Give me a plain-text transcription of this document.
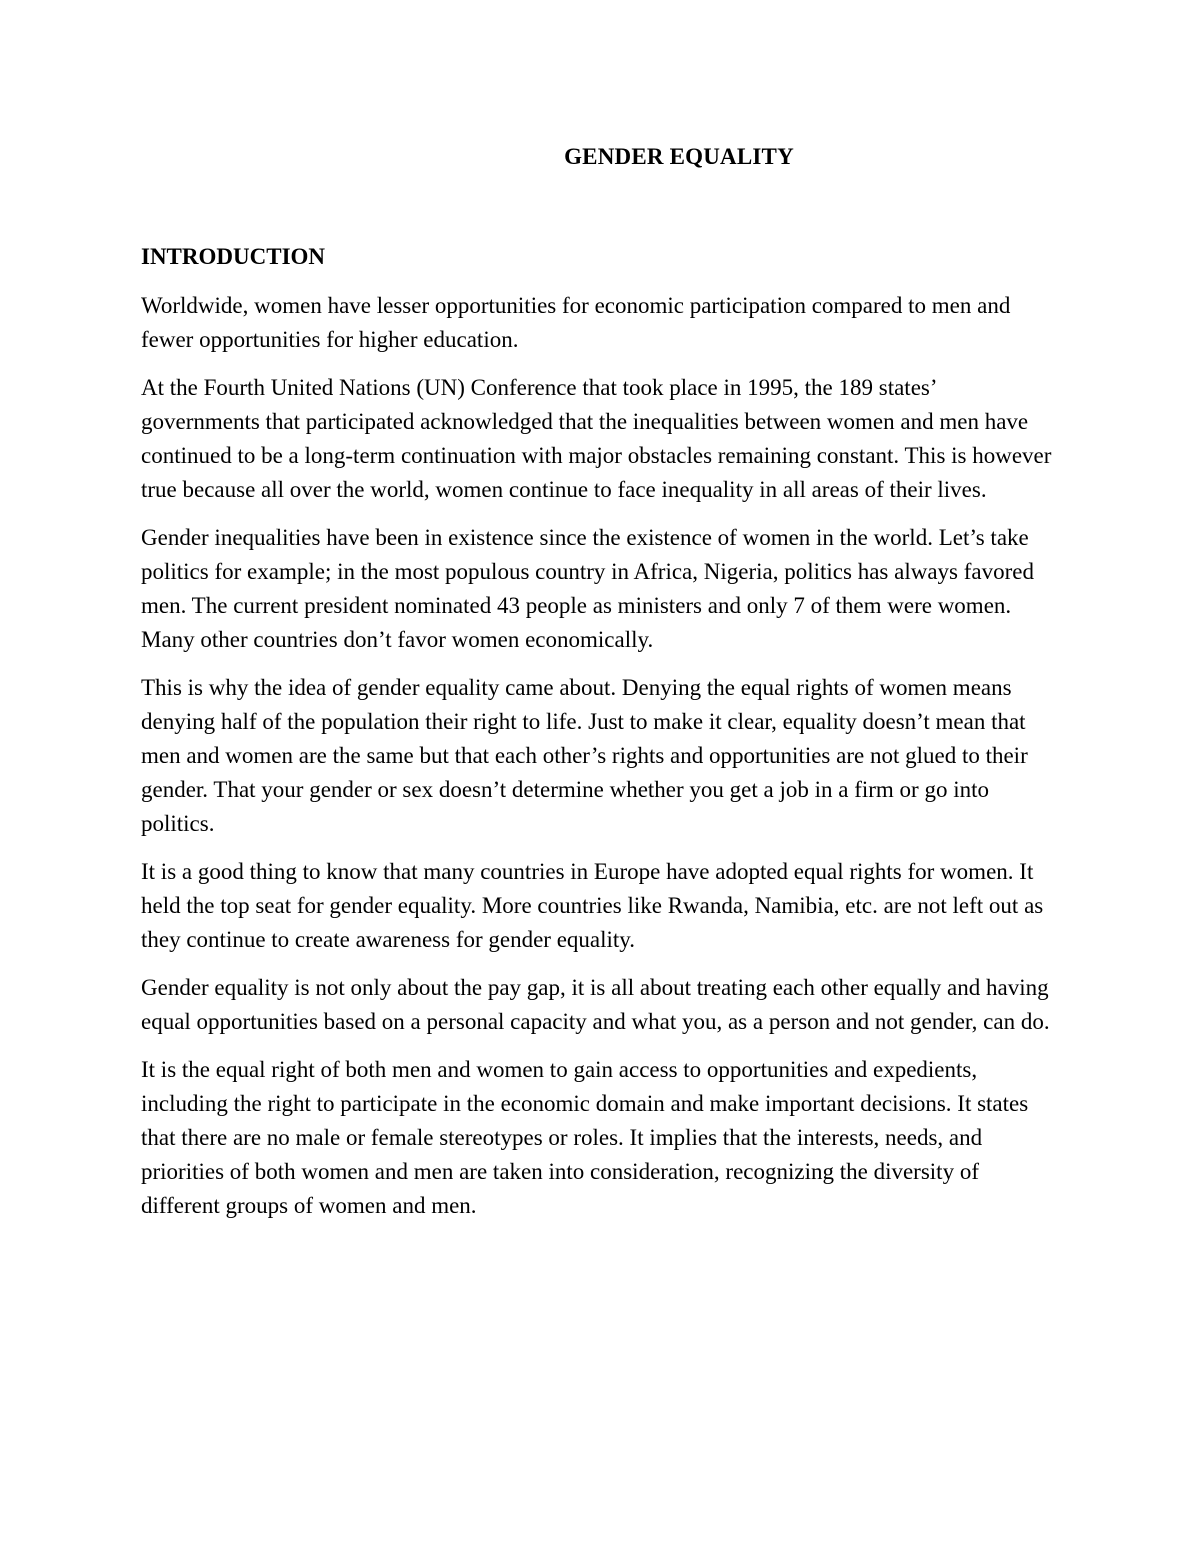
GENDER EQUALITY
INTRODUCTION

Worldwide, women have lesser opportunities for economic participation compared to men and fewer opportunities for higher education.

At the Fourth United Nations (UN) Conference that took place in 1995, the 189 states’ governments that participated acknowledged that the inequalities between women and men have continued to be a long-term continuation with major obstacles remaining constant. This is however true because all over the world, women continue to face inequality in all areas of their lives.

Gender inequalities have been in existence since the existence of women in the world. Let’s take politics for example; in the most populous country in Africa, Nigeria, politics has always favored men. The current president nominated 43 people as ministers and only 7 of them were women. Many other countries don’t favor women economically.

This is why the idea of gender equality came about. Denying the equal rights of women means denying half of the population their right to life. Just to make it clear, equality doesn’t mean that men and women are the same but that each other’s rights and opportunities are not glued to their gender. That your gender or sex doesn’t determine whether you get a job in a firm or go into politics.

It is a good thing to know that many countries in Europe have adopted equal rights for women. It held the top seat for gender equality. More countries like Rwanda, Namibia, etc. are not left out as they continue to create awareness for gender equality.

Gender equality is not only about the pay gap, it is all about treating each other equally and having equal opportunities based on a personal capacity and what you, as a person and not gender, can do.

It is the equal right of both men and women to gain access to opportunities and expedients, including the right to participate in the economic domain and make important decisions. It states that there are no male or female stereotypes or roles. It implies that the interests, needs, and priorities of both women and men are taken into consideration, recognizing the diversity of different groups of women and men.
